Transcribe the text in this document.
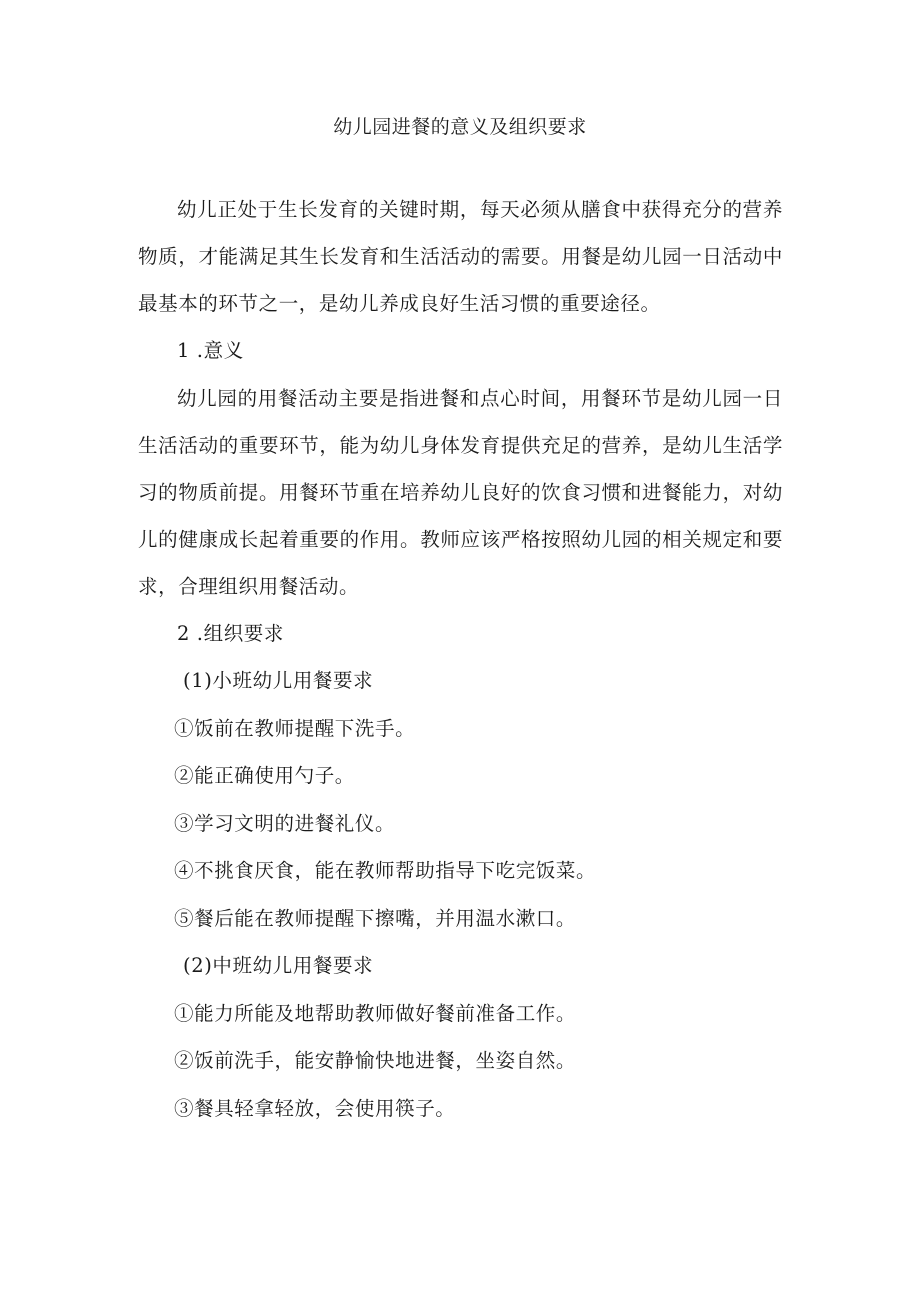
幼儿园进餐的意义及组织要求

幼儿正处于生长发育的关键时期，每天必须从膳食中获得充分的营养物质，才能满足其生长发育和生活活动的需要。用餐是幼儿园一日活动中最基本的环节之一，是幼儿养成良好生活习惯的重要途径。

1 .意义

幼儿园的用餐活动主要是指进餐和点心时间，用餐环节是幼儿园一日生活活动的重要环节，能为幼儿身体发育提供充足的营养，是幼儿生活学习的物质前提。用餐环节重在培养幼儿良好的饮食习惯和进餐能力，对幼儿的健康成长起着重要的作用。教师应该严格按照幼儿园的相关规定和要求，合理组织用餐活动。

2 .组织要求

(1)小班幼儿用餐要求

①饭前在教师提醒下洗手。

②能正确使用勺子。

③学习文明的进餐礼仪。

④不挑食厌食，能在教师帮助指导下吃完饭菜。

⑤餐后能在教师提醒下擦嘴，并用温水漱口。

(2)中班幼儿用餐要求

①能力所能及地帮助教师做好餐前准备工作。

②饭前洗手，能安静愉快地进餐，坐姿自然。

③餐具轻拿轻放，会使用筷子。
